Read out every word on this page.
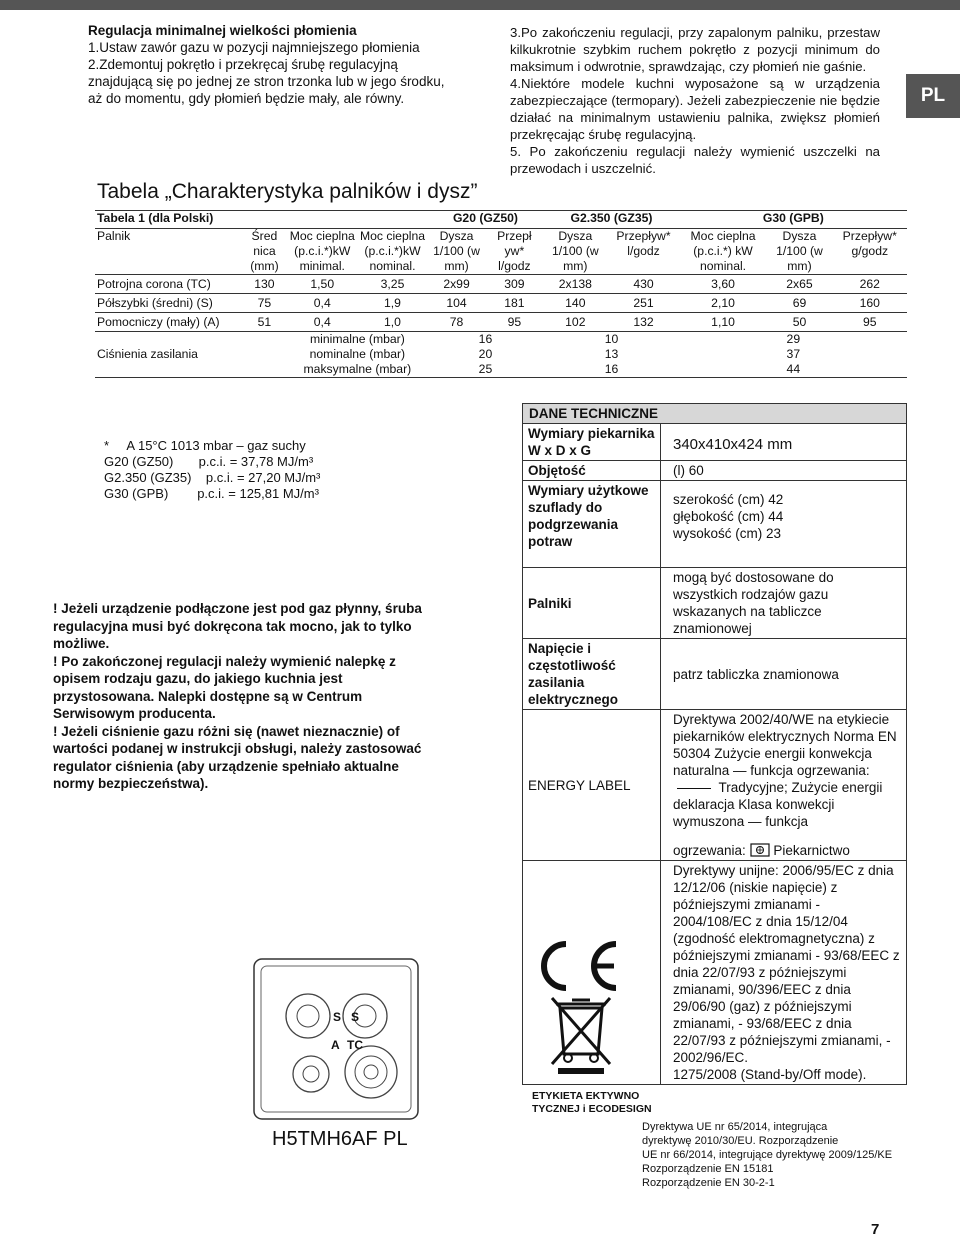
PL

Regulacja minimalnej wielkości płomienia

1.Ustaw zawór gazu w pozycji najmniejszego płomienia

2.Zdemontuj pokrętło i przekręcaj śrubę regulacyjną znajdującą się po jednej ze stron trzonka lub w jego środku, aż do momentu, gdy płomień będzie mały, ale równy.

3.Po zakończeniu regulacji, przy zapalonym palniku, przestaw kilkukrotnie szybkim ruchem pokrętło z pozycji minimum do maksimum i odwrotnie, sprawdzając, czy płomień nie gaśnie.

4.Niektóre modele kuchni wyposażone są w urządzenia zabezpieczające (termopary). Jeżeli zabezpieczenie nie będzie działać na minimalnym ustawieniu palnika, zwiększ płomień przekręcając śrubę regulacyjną.

5. Po zakończeniu regulacji należy wymienić uszczelki na przewodach i uszczelnić.

Tabela „Charakterystyka palników i dysz”
Tabela 1 (dla Polski)				G20 (GZ50)		G2.350 (GZ35)		G30 (GPB)		
Palnik	Śred nica (mm)	Moc cieplna (p.c.i.*)kW minimal.	Moc cieplna (p.c.i.*)kW nominal.	Dysza 1/100 (w mm)	Przepł yw* l/godz	Dysza 1/100 (w mm)	Przepływ* l/godz	Moc cieplna (p.c.i.*) kW nominal.	Dysza 1/100 (w mm)	Przepływ* g/godz
Potrojna corona (TC)	130	1,50	3,25	2x99	309	2x138	430	3,60	2x65	262
Półszybki (średni) (S)	75	0,4	1,9	104	181	140	251	2,10	69	160
Pomocniczy (mały) (A)	51	0,4	1,0	78	95	102	132	1,10	50	95
Ciśnienia zasilania		minimalne (mbar)		16		10		29		
		nominalne (mbar)		20		13		37		
		maksymalne (mbar)		25		16		44		
*     A 15°C 1013 mbar – gaz suchy
G20 (GZ50)       p.c.i. = 37,78 MJ/m³
G2.350 (GZ35)    p.c.i. = 27,20 MJ/m³
G30 (GPB)        p.c.i. = 125,81 MJ/m³

! Jeżeli urządzenie podłączone jest pod gaz płynny, śruba regulacyjna musi być dokręcona tak mocno, jak to tylko możliwe.

! Po zakończonej regulacji należy wymienić nalepkę z opisem rodzaju gazu, do jakiego kuchnia jest przystosowana. Nalepki dostępne są w Centrum Serwisowym producenta.

! Jeżeli ciśnienie gazu różni się (nawet nieznacznie) of wartości podanej w instrukcji obsługi, należy zastosować regulator ciśnienia (aby urządzenie spełniało aktualne normy bezpieczeństwa).

DANE TECHNICZNE	
Wymiary piekarnika W x D x G	340x410x424 mm
Objętość	(l) 60
Wymiary użytkowe szuflady do podgrzewania potraw	szerokość (cm) 42
głębokość (cm) 44
wysokość (cm) 23

Palniki	mogą być dostosowane do wszystkich rodzajów gazu wskazanych na tabliczce znamionowej
Napięcie i częstotliwość zasilania elektrycznego	patrz tabliczka znamionowa
ENERGY LABEL	Dyrektywa 2002/40/WE na etykiecie piekarników elektrycznych Norma EN 50304 Zużycie energii konwekcja naturalna — funkcja ogrzewania:  Tradycyjne; Zużycie energii deklaracja Klasa konwekcji wymuszona — funkcja
ogrzewania: Piekarnictwo

Dyrektywy unijne: 2006/95/EC z dnia 12/12/06 (niskie napięcie) z późniejszymi zmianami - 2004/108/EC z dnia 15/12/04 (zgodność elektromagnetyczna) z późniejszymi zmianami - 93/68/EEC z dnia 22/07/93 z późniejszymi zmianami, 90/396/EEC z dnia 29/06/90 (gaz) z późniejszymi zmianami, - 93/68/EEC z dnia 22/07/93 z późniejszymi zmianami, - 2002/96/EC.
1275/2008 (Stand-by/Off mode).
ETYKIETA EKTYWNO
TYCZNEJ i ECODESIGN
Dyrektywa UE nr 65/2014, integrująca
dyrektywę 2010/30/EU. Rozporządzenie
UE nr 66/2014, integrujące dyrektywę 2009/125/KE
Rozporządzenie EN 15181
Rozporządzenie EN 30-2-1
S S
A TC
H5TMH6AF PL
7
